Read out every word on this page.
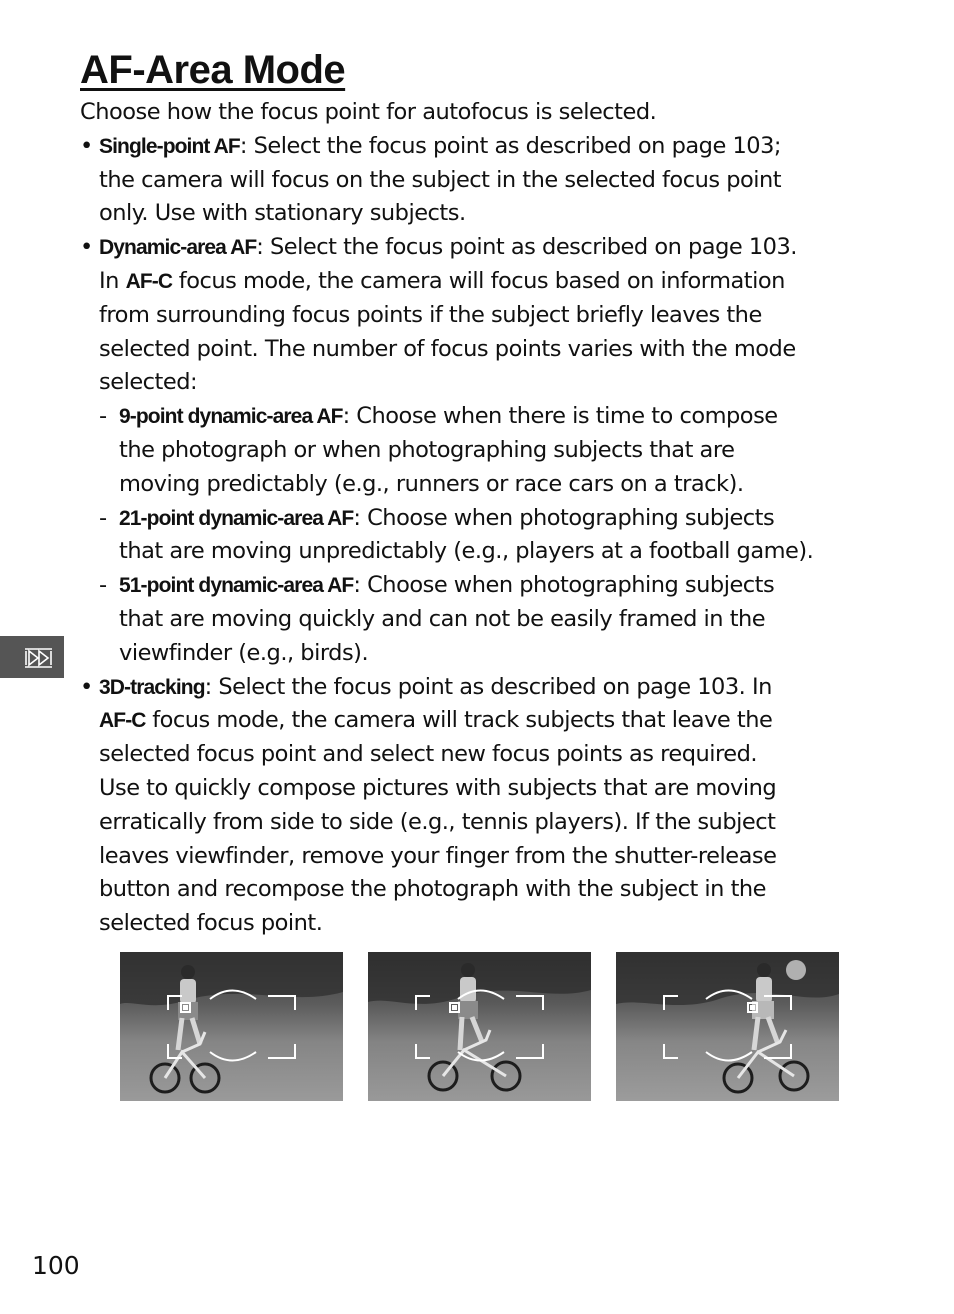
AF-Area Mode

Choose how the focus point for autofocus is selected.

• Single-point AF: Select the focus point as described on page 103;
the camera will focus on the subject in the selected focus point
only. Use with stationary subjects.
• Dynamic-area AF: Select the focus point as described on page 103.
In AF-C focus mode, the camera will focus based on information
from surrounding focus points if the subject briefly leaves the
selected point. The number of focus points varies with the mode
selected:
- 9-point dynamic-area AF: Choose when there is time to compose
the photograph or when photographing subjects that are
moving predictably (e.g., runners or race cars on a track).
- 21-point dynamic-area AF: Choose when photographing subjects
that are moving unpredictably (e.g., players at a football game).
- 51-point dynamic-area AF: Choose when photographing subjects
that are moving quickly and can not be easily framed in the
viewfinder (e.g., birds).
• 3D-tracking: Select the focus point as described on page 103. In
AF-C focus mode, the camera will track subjects that leave the
selected focus point and select new focus points as required.
Use to quickly compose pictures with subjects that are moving
erratically from side to side (e.g., tennis players). If the subject
leaves viewfinder, remove your finger from the shutter-release
button and recompose the photograph with the subject in the
selected focus point.
100
